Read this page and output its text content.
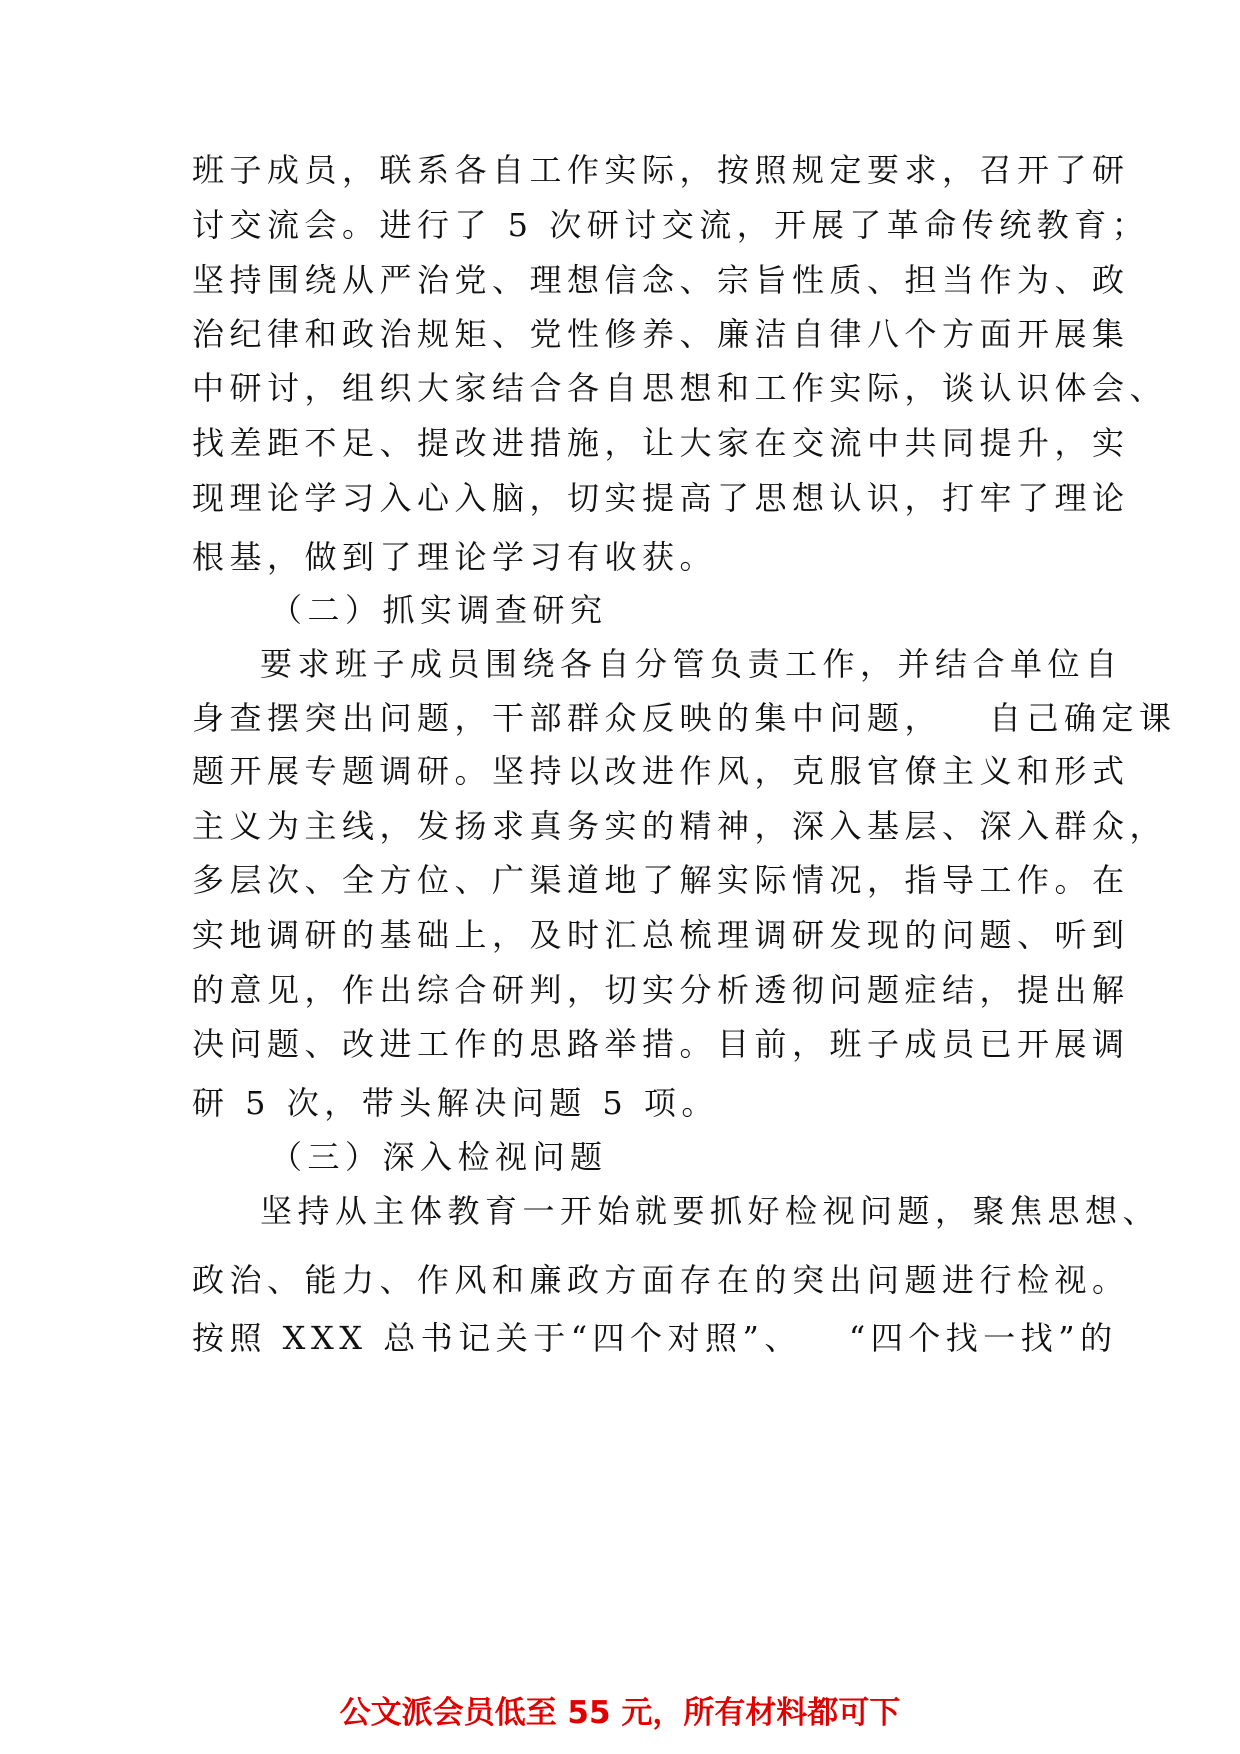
班子成员，联系各自工作实际，按照规定要求，召开了研
讨交流会。进行了 5 次研讨交流，开展了革命传统教育；
坚持围绕从严治党、理想信念、宗旨性质、担当作为、政
治纪律和政治规矩、党性修养、廉洁自律八个方面开展集
中研讨，组织大家结合各自思想和工作实际，谈认识体会、
找差距不足、提改进措施，让大家在交流中共同提升，实
现理论学习入心入脑，切实提高了思想认识，打牢了理论
根基，做到了理论学习有收获。
（二）抓实调查研究
要求班子成员围绕各自分管负责工作，并结合单位自
身查摆突出问题，干部群众反映的集中问题，   自己确定课
题开展专题调研。坚持以改进作风，克服官僚主义和形式
主义为主线，发扬求真务实的精神，深入基层、深入群众，
多层次、全方位、广渠道地了解实际情况，指导工作。在
实地调研的基础上，及时汇总梳理调研发现的问题、听到
的意见，作出综合研判，切实分析透彻问题症结，提出解
决问题、改进工作的思路举措。目前，班子成员已开展调
研 5 次，带头解决问题 5 项。
（三）深入检视问题
坚持从主体教育一开始就要抓好检视问题，聚焦思想、
政治、能力、作风和廉政方面存在的突出问题进行检视。
按照 XXX 总书记关于“四个对照”、   “四个找一找”的
公文派会员低至 55 元，所有材料都可下
